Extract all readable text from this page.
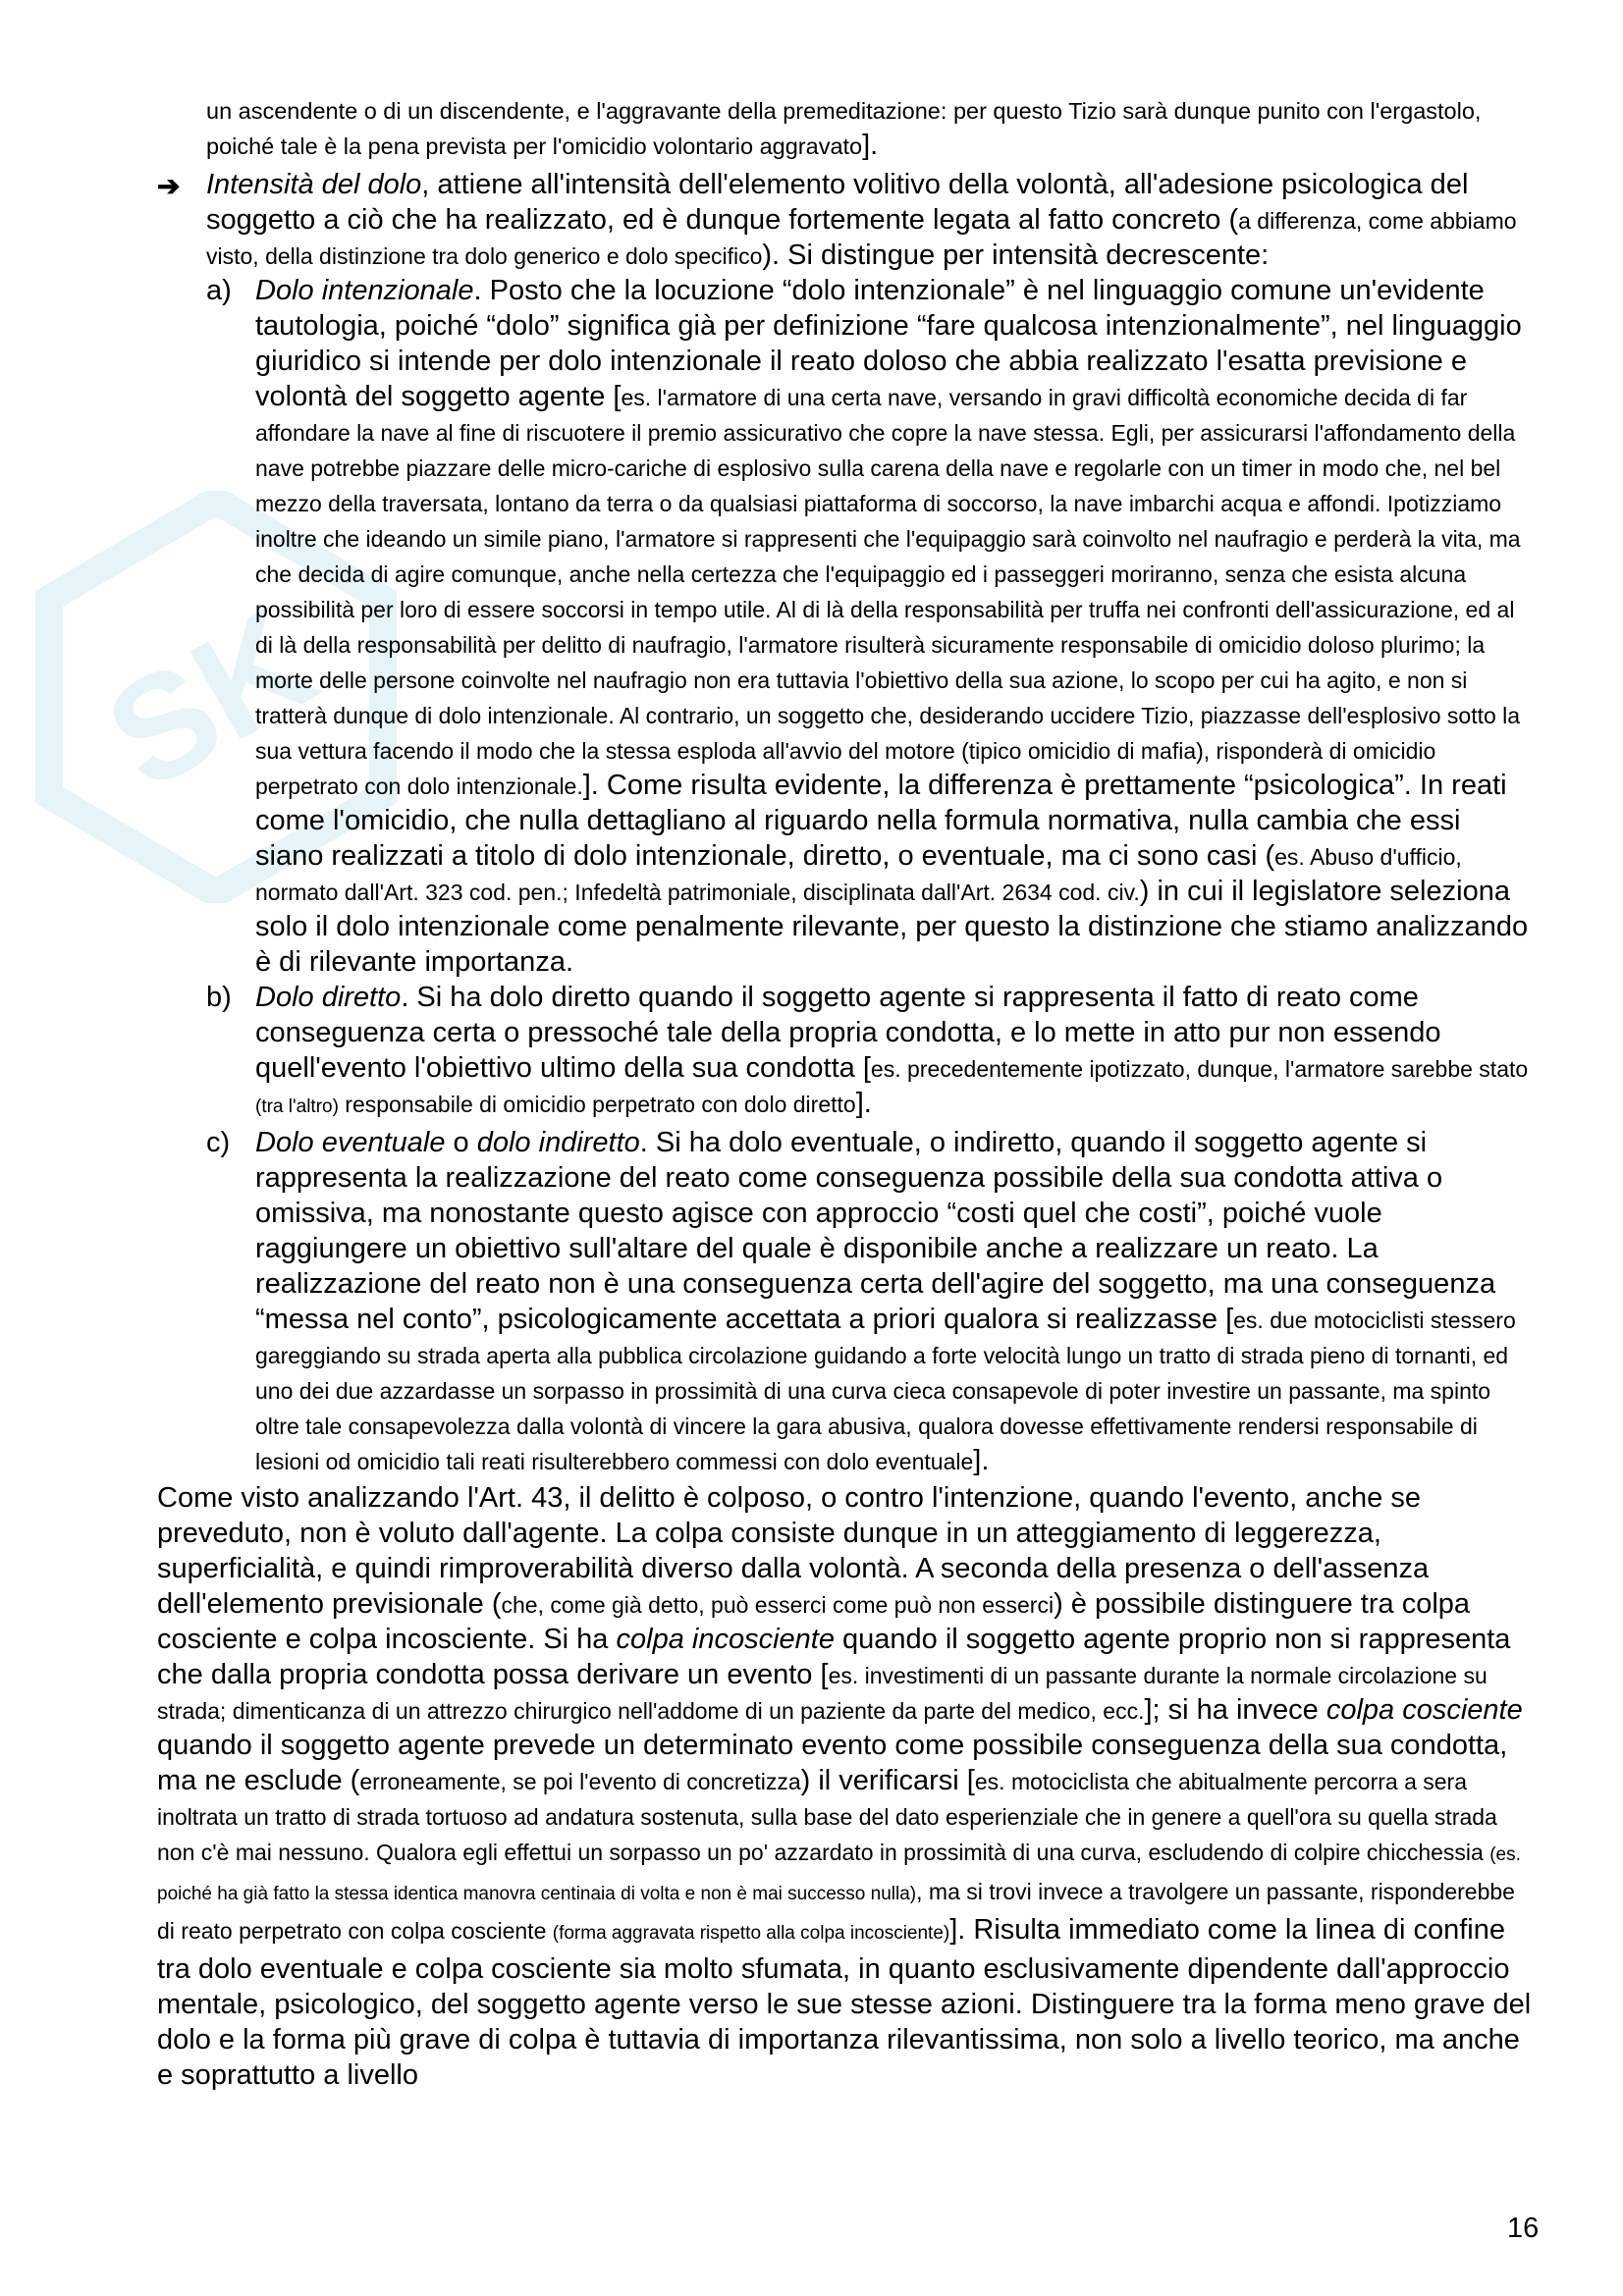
SK
un ascendente o di un discendente, e l'aggravante della premeditazione: per questo Tizio sarà dunque punito con l'ergastolo, poiché tale è la pena prevista per l'omicidio volontario aggravato].
➔ Intensità del dolo, attiene all'intensità dell'elemento volitivo della volontà, all'adesione psicologica del soggetto a ciò che ha realizzato, ed è dunque fortemente legata al fatto concreto (a differenza, come abbiamo visto, della distinzione tra dolo generico e dolo specifico). Si distingue per intensità decrescente:
a) Dolo intenzionale. Posto che la locuzione “dolo intenzionale” è nel linguaggio comune un'evidente tautologia, poiché “dolo” significa già per definizione “fare qualcosa intenzionalmente”, nel linguaggio giuridico si intende per dolo intenzionale il reato doloso che abbia realizzato l'esatta previsione e volontà del soggetto agente [es. l'armatore di una certa nave, versando in gravi difficoltà economiche decida di far affondare la nave al fine di riscuotere il premio assicurativo che copre la nave stessa. Egli, per assicurarsi l'affondamento della nave potrebbe piazzare delle micro-cariche di esplosivo sulla carena della nave e regolarle con un timer in modo che, nel bel mezzo della traversata, lontano da terra o da qualsiasi piattaforma di soccorso, la nave imbarchi acqua e affondi. Ipotizziamo inoltre che ideando un simile piano, l'armatore si rappresenti che l'equipaggio sarà coinvolto nel naufragio e perderà la vita, ma che decida di agire comunque, anche nella certezza che l'equipaggio ed i passeggeri moriranno, senza che esista alcuna possibilità per loro di essere soccorsi in tempo utile. Al di là della responsabilità per truffa nei confronti dell'assicurazione, ed al di là della responsabilità per delitto di naufragio, l'armatore risulterà sicuramente responsabile di omicidio doloso plurimo; la morte delle persone coinvolte nel naufragio non era tuttavia l'obiettivo della sua azione, lo scopo per cui ha agito, e non si tratterà dunque di dolo intenzionale. Al contrario, un soggetto che, desiderando uccidere Tizio, piazzasse dell'esplosivo sotto la sua vettura facendo il modo che la stessa esploda all'avvio del motore (tipico omicidio di mafia), risponderà di omicidio perpetrato con dolo intenzionale.]. Come risulta evidente, la differenza è prettamente “psicologica”. In reati come l'omicidio, che nulla dettagliano al riguardo nella formula normativa, nulla cambia che essi siano realizzati a titolo di dolo intenzionale, diretto, o eventuale, ma ci sono casi (es. Abuso d'ufficio, normato dall'Art. 323 cod. pen.; Infedeltà patrimoniale, disciplinata dall'Art. 2634 cod. civ.) in cui il legislatore seleziona solo il dolo intenzionale come penalmente rilevante, per questo la distinzione che stiamo analizzando è di rilevante importanza.
b) Dolo diretto. Si ha dolo diretto quando il soggetto agente si rappresenta il fatto di reato come conseguenza certa o pressoché tale della propria condotta, e lo mette in atto pur non essendo quell'evento l'obiettivo ultimo della sua condotta [es. precedentemente ipotizzato, dunque, l'armatore sarebbe stato (tra l'altro) responsabile di omicidio perpetrato con dolo diretto].
c) Dolo eventuale o dolo indiretto. Si ha dolo eventuale, o indiretto, quando il soggetto agente si rappresenta la realizzazione del reato come conseguenza possibile della sua condotta attiva o omissiva, ma nonostante questo agisce con approccio “costi quel che costi”, poiché vuole raggiungere un obiettivo sull'altare del quale è disponibile anche a realizzare un reato. La realizzazione del reato non è una conseguenza certa dell'agire del soggetto, ma una conseguenza “messa nel conto”, psicologicamente accettata a priori qualora si realizzasse [es. due motociclisti stessero gareggiando su strada aperta alla pubblica circolazione guidando a forte velocità lungo un tratto di strada pieno di tornanti, ed uno dei due azzardasse un sorpasso in prossimità di una curva cieca consapevole di poter investire un passante, ma spinto oltre tale consapevolezza dalla volontà di vincere la gara abusiva, qualora dovesse effettivamente rendersi responsabile di lesioni od omicidio tali reati risulterebbero commessi con dolo eventuale].
Come visto analizzando l'Art. 43, il delitto è colposo, o contro l'intenzione, quando l'evento, anche se preveduto, non è voluto dall'agente. La colpa consiste dunque in un atteggiamento di leggerezza, superficialità, e quindi rimproverabilità diverso dalla volontà. A seconda della presenza o dell'assenza dell'elemento previsionale (che, come già detto, può esserci come può non esserci) è possibile distinguere tra colpa cosciente e colpa incosciente. Si ha colpa incosciente quando il soggetto agente proprio non si rappresenta che dalla propria condotta possa derivare un evento [es. investimenti di un passante durante la normale circolazione su strada; dimenticanza di un attrezzo chirurgico nell'addome di un paziente da parte del medico, ecc.]; si ha invece colpa cosciente quando il soggetto agente prevede un determinato evento come possibile conseguenza della sua condotta, ma ne esclude (erroneamente, se poi l'evento di concretizza) il verificarsi [es. motociclista che abitualmente percorra a sera inoltrata un tratto di strada tortuoso ad andatura sostenuta, sulla base del dato esperienziale che in genere a quell'ora su quella strada non c'è mai nessuno. Qualora egli effettui un sorpasso un po' azzardato in prossimità di una curva, escludendo di colpire chicchessia (es. poiché ha già fatto la stessa identica manovra centinaia di volta e non è mai successo nulla), ma si trovi invece a travolgere un passante, risponderebbe di reato perpetrato con colpa cosciente (forma aggravata rispetto alla colpa incosciente)]. Risulta immediato come la linea di confine tra dolo eventuale e colpa cosciente sia molto sfumata, in quanto esclusivamente dipendente dall'approccio mentale, psicologico, del soggetto agente verso le sue stesse azioni. Distinguere tra la forma meno grave del dolo e la forma più grave di colpa è tuttavia di importanza rilevantissima, non solo a livello teorico, ma anche e soprattutto a livello
16
